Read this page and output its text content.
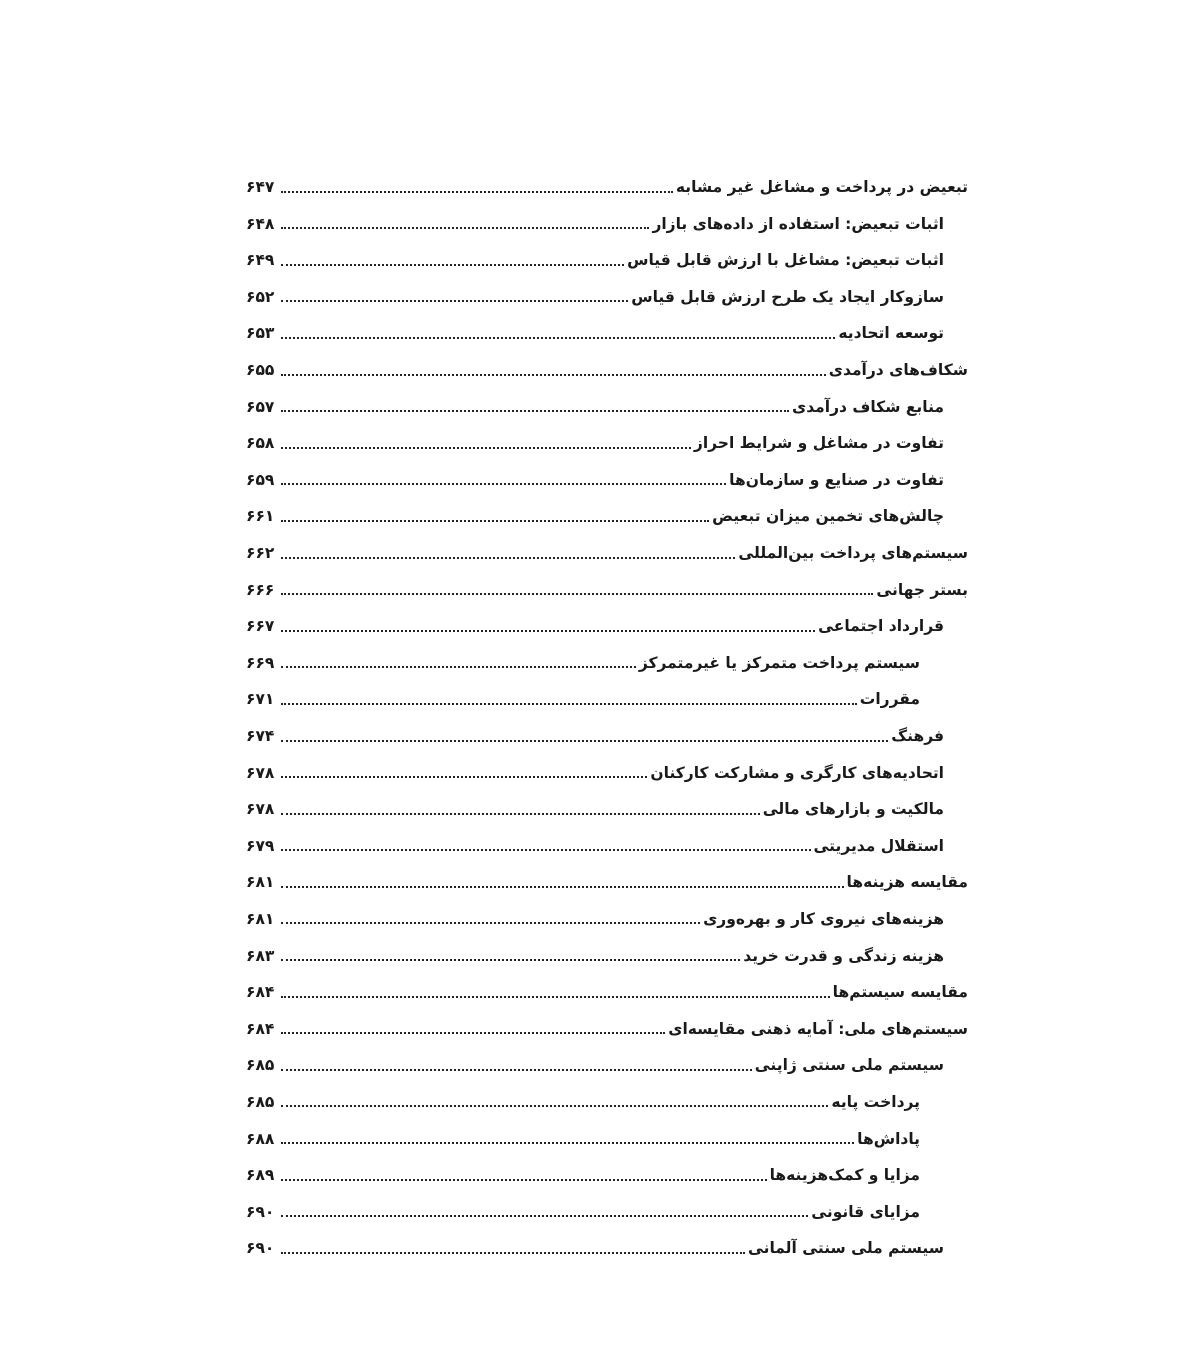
تبعیض در پرداخت و مشاغل غیر مشابه
۶۴۷
اثبات تبعیض: استفاده از داده‌های بازار
۶۴۸
اثبات تبعیض: مشاغل با ارزش قابل قیاس
۶۴۹
سازوکار ایجاد یک طرح ارزش قابل قیاس
۶۵۲
توسعه اتحادیه
۶۵۳
شکاف‌های درآمدی
۶۵۵
منابع شکاف درآمدی
۶۵۷
تفاوت در مشاغل و شرایط احراز
۶۵۸
تفاوت در صنایع و سازمان‌ها
۶۵۹
چالش‌های تخمین میزان تبعیض
۶۶۱
سیستم‌های پرداخت بین‌المللی
۶۶۲
بستر جهانی
۶۶۶
قرارداد اجتماعی
۶۶۷
سیستم پرداخت متمرکز یا غیرمتمرکز
۶۶۹
مقررات
۶۷۱
فرهنگ
۶۷۴
اتحادیه‌های کارگری و مشارکت کارکنان
۶۷۸
مالکیت و بازارهای مالی
۶۷۸
استقلال مدیریتی
۶۷۹
مقایسه هزینه‌ها
۶۸۱
هزینه‌های نیروی کار و بهره‌وری
۶۸۱
هزینه زندگی و قدرت خرید
۶۸۳
مقایسه سیستم‌ها
۶۸۴
سیستم‌های ملی: آمایه ذهنی مقایسه‌ای
۶۸۴
سیستم ملی سنتی ژاپنی
۶۸۵
پرداخت پایه
۶۸۵
پاداش‌ها
۶۸۸
مزایا و کمک‌هزینه‌ها
۶۸۹
مزایای قانونی
۶۹۰
سیستم ملی سنتی آلمانی
۶۹۰
